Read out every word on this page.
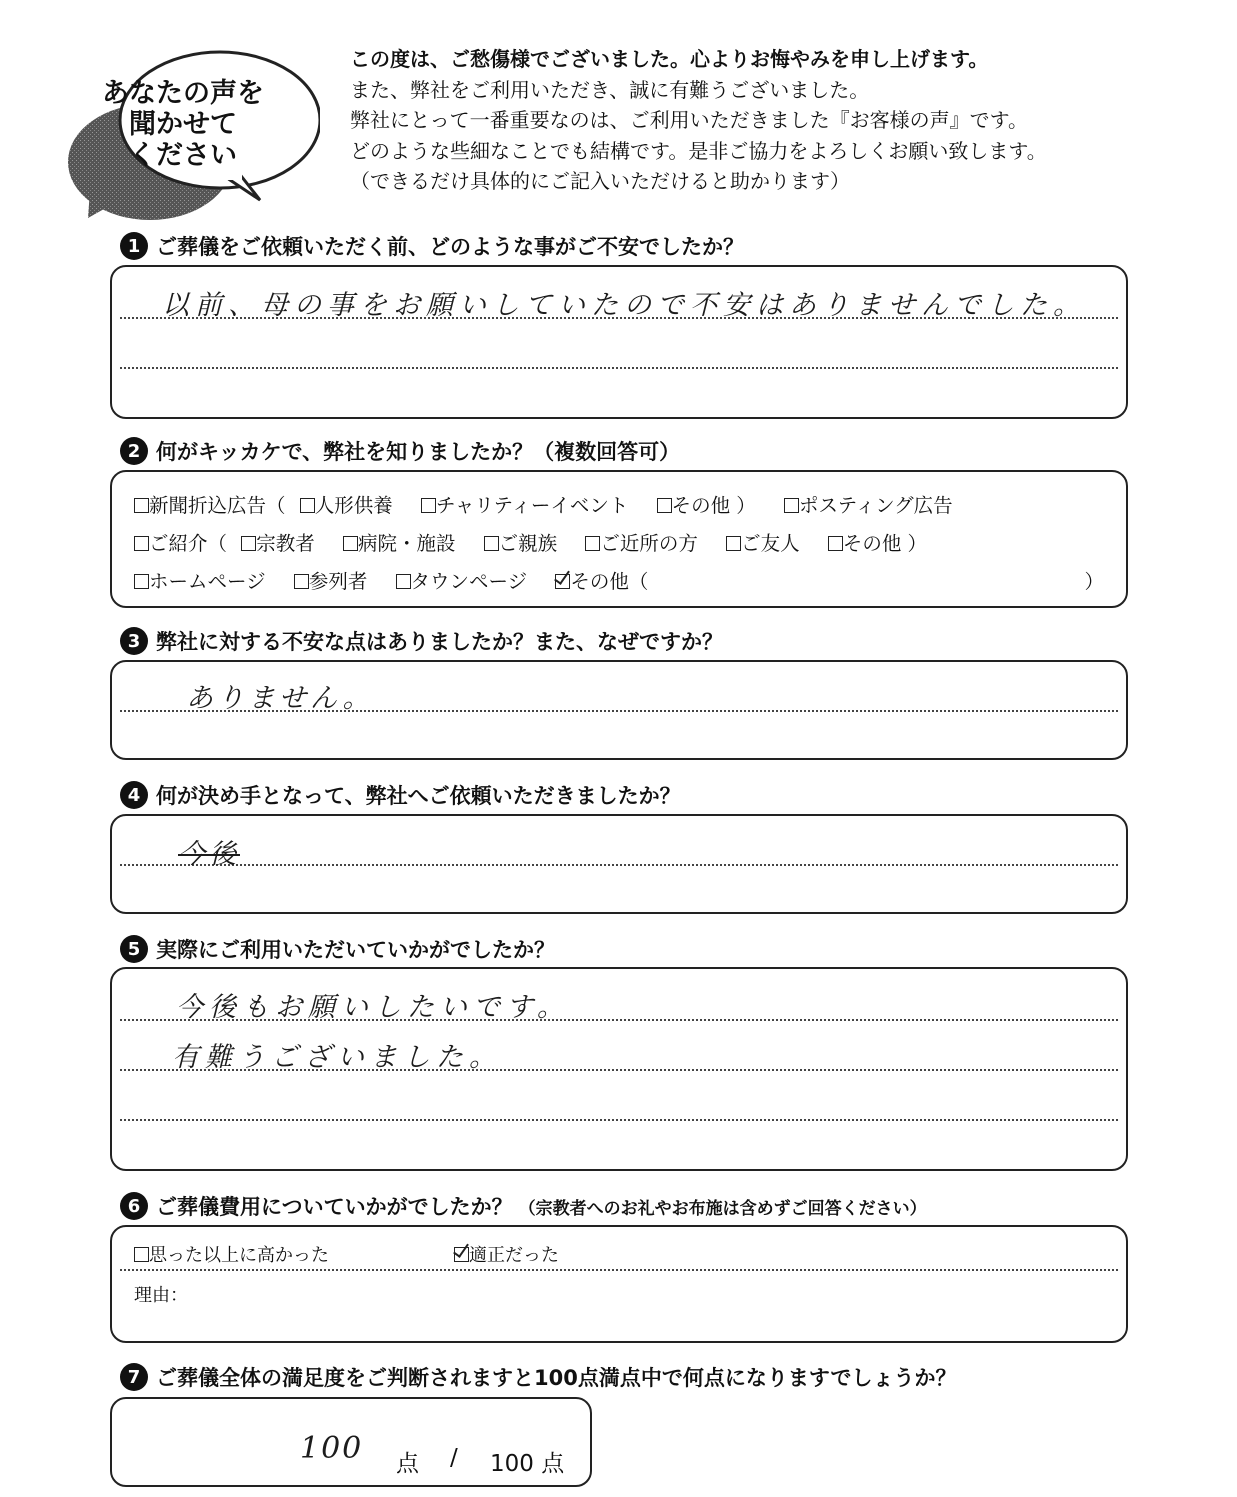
あなたの声を
聞かせて
ください
この度は、ご愁傷様でございました。心よりお悔やみを申し上げます。
また、弊社をご利用いただき、誠に有難うございました。
弊社にとって一番重要なのは、ご利用いただきました『お客様の声』です。
どのような些細なことでも結構です。是非ご協力をよろしくお願い致します。
（できるだけ具体的にご記入いただけると助かります）
1 ご葬儀をご依頼いただく前、どのような事がご不安でしたか？
以前、母の事をお願いしていたので不安はありませんでした。
2 何がキッカケで、弊社を知りましたか？（複数回答可）
新聞折込広告（ 人形供養 チャリティーイベント その他 ） ポスティング広告
ご紹介（ 宗教者 病院・施設 ご親族 ご近所の方 ご友人 その他 ）
ホームページ 参列者 タウンページ その他（	）
3 弊社に対する不安な点はありましたか？また、なぜですか？
ありません。
4 何が決め手となって、弊社へご依頼いただきましたか？
今後
5 実際にご利用いただいていかがでしたか？
今後もお願いしたいです。
有難うございました。
6 ご葬儀費用についていかがでしたか？ （宗教者へのお礼やお布施は含めずご回答ください）
思った以上に高かった	適正だった
理由：
7 ご葬儀全体の満足度をご判断されますと100点満点中で何点になりますでしょうか？
100 点 / 100 点
